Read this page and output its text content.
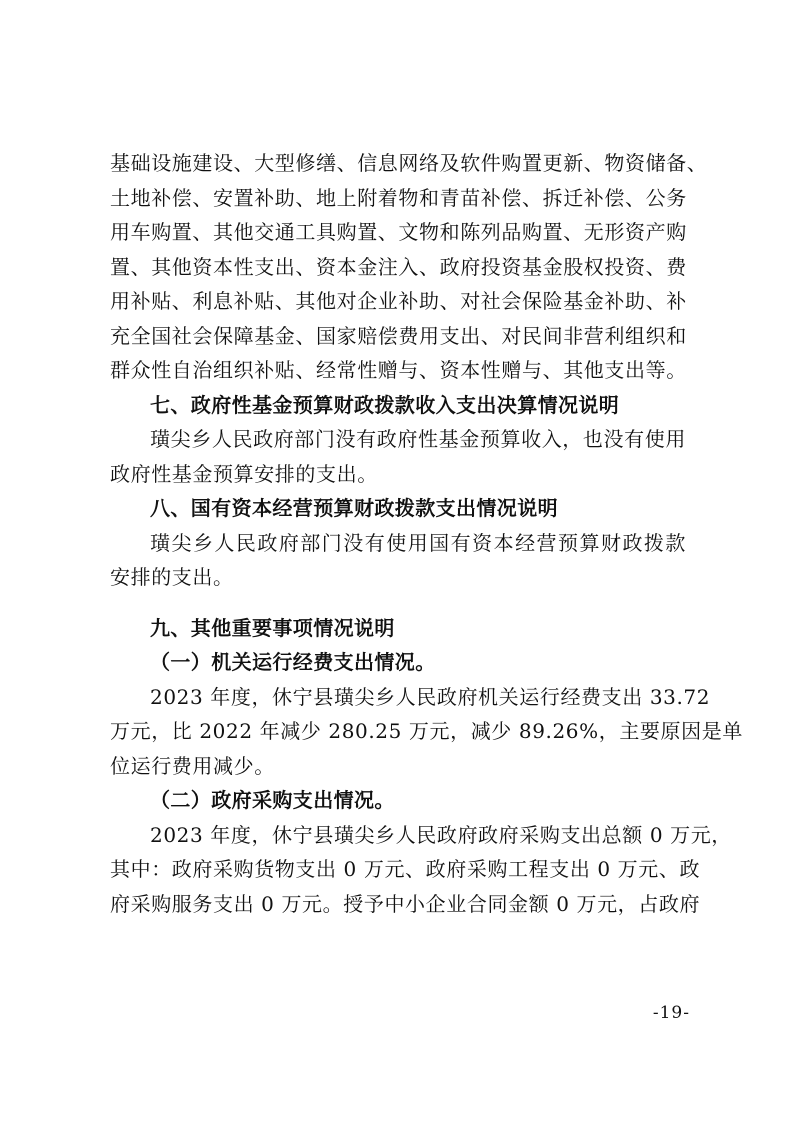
基础设施建设、大型修缮、信息网络及软件购置更新、物资储备、
土地补偿、安置补助、地上附着物和青苗补偿、拆迁补偿、公务
用车购置、其他交通工具购置、文物和陈列品购置、无形资产购
置、其他资本性支出、资本金注入、政府投资基金股权投资、费
用补贴、利息补贴、其他对企业补助、对社会保险基金补助、补
充全国社会保障基金、国家赔偿费用支出、对民间非营利组织和
群众性自治组织补贴、经常性赠与、资本性赠与、其他支出等。
七、政府性基金预算财政拨款收入支出决算情况说明
璜尖乡人民政府部门没有政府性基金预算收入，也没有使用
政府性基金预算安排的支出。
八、国有资本经营预算财政拨款支出情况说明
璜尖乡人民政府部门没有使用国有资本经营预算财政拨款
安排的支出。
九、其他重要事项情况说明
（一）机关运行经费支出情况。
2023 年度，休宁县璜尖乡人民政府机关运行经费支出 33.72
万元，比 2022 年减少 280.25 万元，减少 89.26%，主要原因是单
位运行费用减少。
（二）政府采购支出情况。
2023 年度，休宁县璜尖乡人民政府政府采购支出总额 0 万元，
其中：政府采购货物支出 0 万元、政府采购工程支出 0 万元、政
府采购服务支出 0 万元。授予中小企业合同金额 0 万元，占政府
-19-
